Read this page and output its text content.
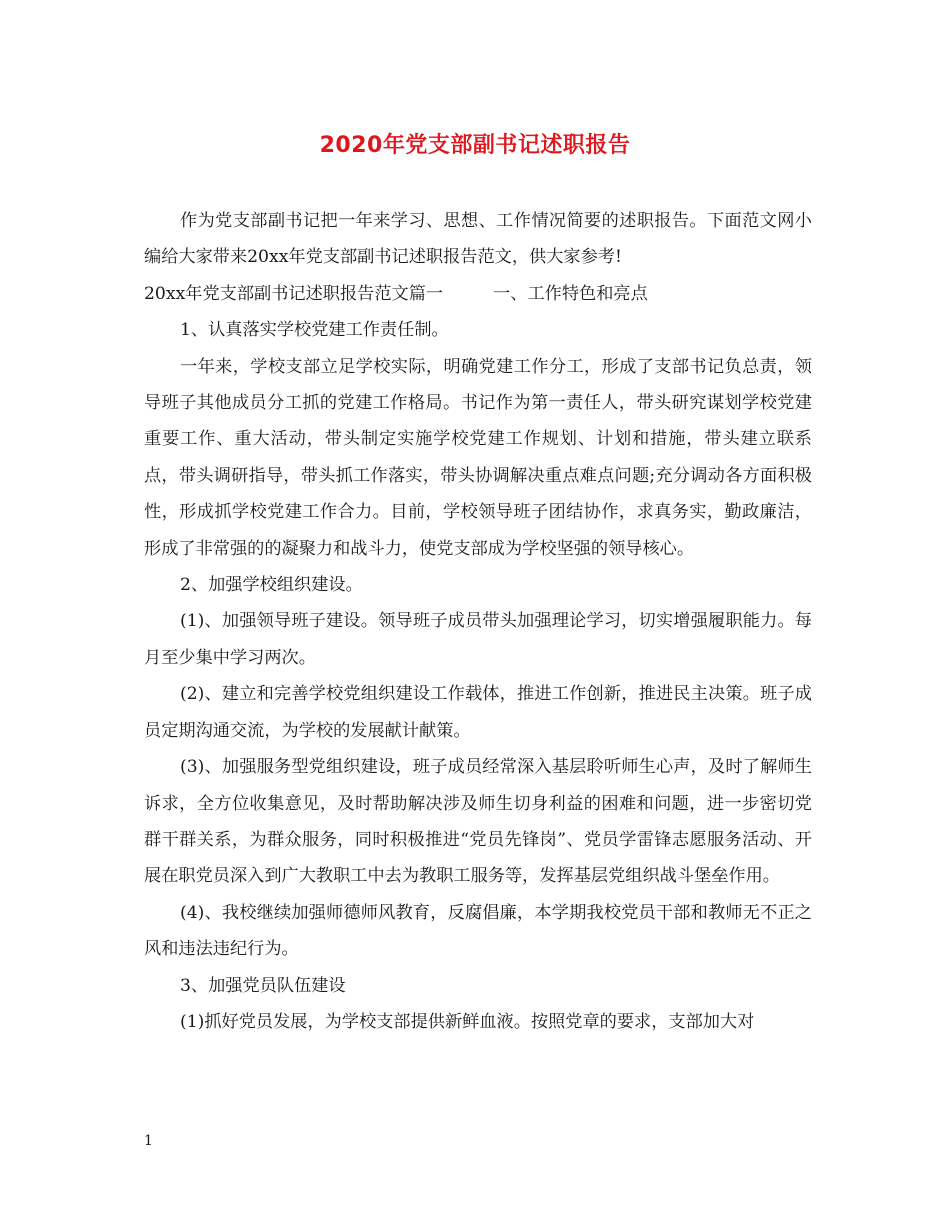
2020年党支部副书记述职报告

作为党支部副书记把一年来学习、思想、工作情况简要的述职报告。下面范文网小编给大家带来20xx年党支部副书记述职报告范文，供大家参考!

20xx年党支部副书记述职报告范文篇一	一、工作特色和亮点

1、认真落实学校党建工作责任制。

一年来，学校支部立足学校实际，明确党建工作分工，形成了支部书记负总责，领导班子其他成员分工抓的党建工作格局。书记作为第一责任人，带头研究谋划学校党建重要工作、重大活动，带头制定实施学校党建工作规划、计划和措施，带头建立联系点，带头调研指导，带头抓工作落实，带头协调解决重点难点问题;充分调动各方面积极性，形成抓学校党建工作合力。目前，学校领导班子团结协作，求真务实，勤政廉洁，形成了非常强的的凝聚力和战斗力，使党支部成为学校坚强的领导核心。

2、加强学校组织建设。

(1)、加强领导班子建设。领导班子成员带头加强理论学习，切实增强履职能力。每月至少集中学习两次。

(2)、建立和完善学校党组织建设工作载体，推进工作创新，推进民主决策。班子成员定期沟通交流，为学校的发展献计献策。

(3)、加强服务型党组织建设，班子成员经常深入基层聆听师生心声，及时了解师生诉求，全方位收集意见，及时帮助解决涉及师生切身利益的困难和问题，进一步密切党群干群关系，为群众服务，同时积极推进“党员先锋岗”、党员学雷锋志愿服务活动、开展在职党员深入到广大教职工中去为教职工服务等，发挥基层党组织战斗堡垒作用。

(4)、我校继续加强师德师风教育，反腐倡廉，本学期我校党员干部和教师无不正之风和违法违纪行为。

3、加强党员队伍建设

(1)抓好党员发展，为学校支部提供新鲜血液。按照党章的要求，支部加大对

1
